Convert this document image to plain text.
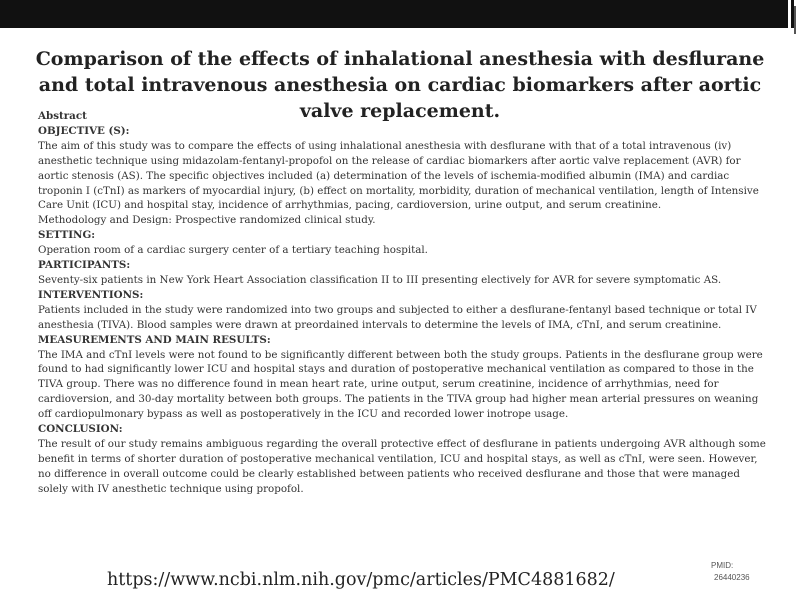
Comparison of the effects of inhalational anesthesia with desflurane and total intravenous anesthesia on cardiac biomarkers after aortic valve replacement.
Abstract
OBJECTIVE (S):
The aim of this study was to compare the effects of using inhalational anesthesia with desflurane with that of a total intravenous (iv) anesthetic technique using midazolam-fentanyl-propofol on the release of cardiac biomarkers after aortic valve replacement (AVR) for aortic stenosis (AS). The specific objectives included (a) determination of the levels of ischemia-modified albumin (IMA) and cardiac troponin I (cTnI) as markers of myocardial injury, (b) effect on mortality, morbidity, duration of mechanical ventilation, length of Intensive Care Unit (ICU) and hospital stay, incidence of arrhythmias, pacing, cardioversion, urine output, and serum creatinine.
Methodology and Design: Prospective randomized clinical study.
SETTING:
Operation room of a cardiac surgery center of a tertiary teaching hospital.
PARTICIPANTS:
Seventy-six patients in New York Heart Association classification II to III presenting electively for AVR for severe symptomatic AS.
INTERVENTIONS:
Patients included in the study were randomized into two groups and subjected to either a desflurane-fentanyl based technique or total IV anesthesia (TIVA). Blood samples were drawn at preordained intervals to determine the levels of IMA, cTnI, and serum creatinine.
MEASUREMENTS AND MAIN RESULTS:
The IMA and cTnI levels were not found to be significantly different between both the study groups. Patients in the desflurane group were found to had significantly lower ICU and hospital stays and duration of postoperative mechanical ventilation as compared to those in the TIVA group. There was no difference found in mean heart rate, urine output, serum creatinine, incidence of arrhythmias, need for cardioversion, and 30-day mortality between both groups. The patients in the TIVA group had higher mean arterial pressures on weaning off cardiopulmonary bypass as well as postoperatively in the ICU and recorded lower inotrope usage.
CONCLUSION:
The result of our study remains ambiguous regarding the overall protective effect of desflurane in patients undergoing AVR although some benefit in terms of shorter duration of postoperative mechanical ventilation, ICU and hospital stays, as well as cTnI, were seen. However, no difference in overall outcome could be clearly established between patients who received desflurane and those that were managed solely with IV anesthetic technique using propofol.
https://www.ncbi.nlm.nih.gov/pmc/articles/PMC4881682/
PMID:
26440236
